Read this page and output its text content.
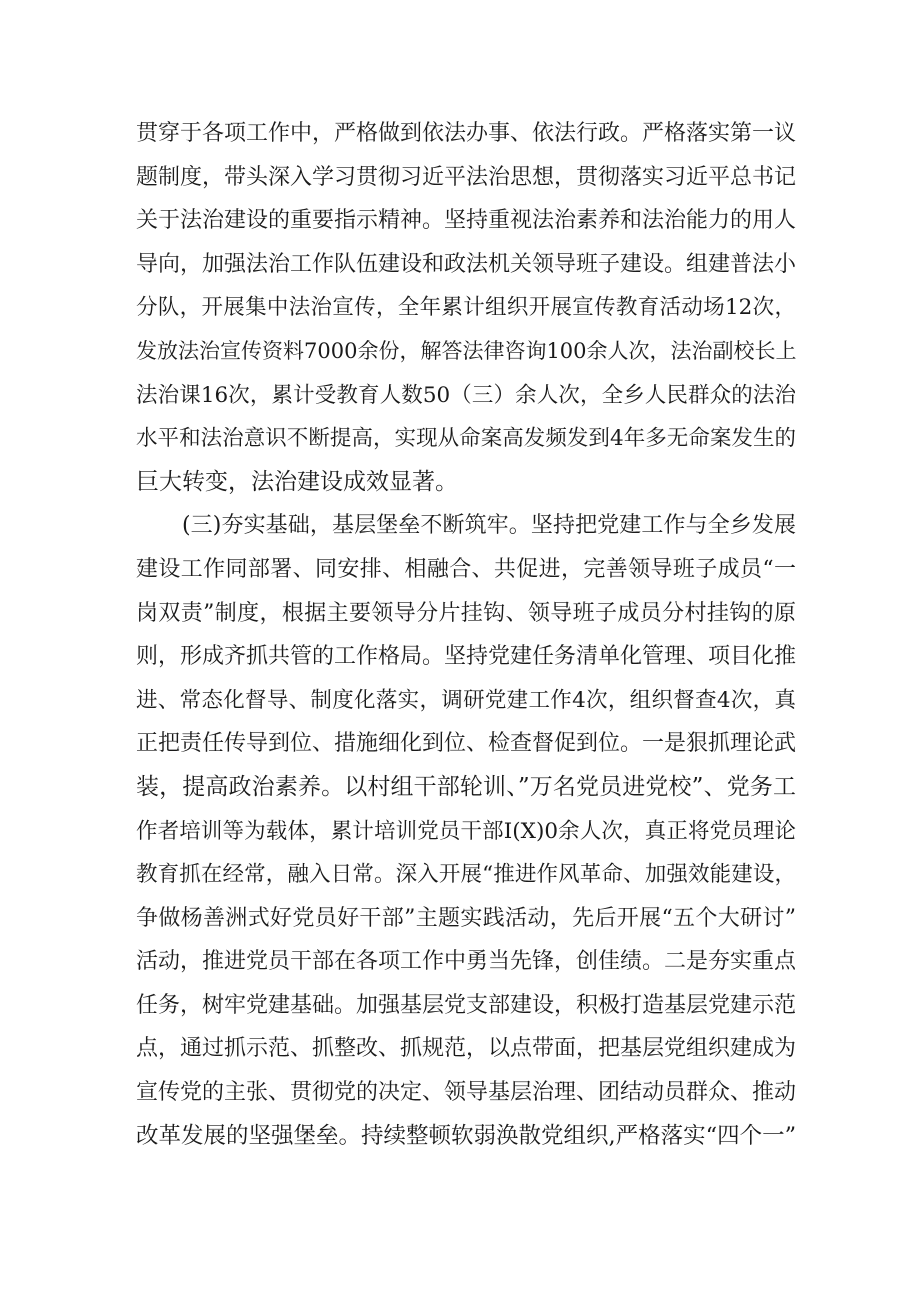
贯穿于各项工作中，严格做到依法办事、依法行政。严格落实第一议
题制度，带头深入学习贯彻习近平法治思想，贯彻落实习近平总书记
关于法治建设的重要指示精神。坚持重视法治素养和法治能力的用人
导向，加强法治工作队伍建设和政法机关领导班子建设。组建普法小
分队，开展集中法治宣传，全年累计组织开展宣传教育活动场12次，
发放法治宣传资料7000余份，解答法律咨询100余人次，法治副校长上
法治课16次，累计受教育人数50（三）余人次，全乡人民群众的法治
水平和法治意识不断提高，实现从命案高发频发到4年多无命案发生的
巨大转变，法治建设成效显著。
(三)夯实基础，基层堡垒不断筑牢。坚持把党建工作与全乡发展
建设工作同部署、同安排、相融合、共促进，完善领导班子成员“一
岗双责”制度，根据主要领导分片挂钩、领导班子成员分村挂钩的原
则，形成齐抓共管的工作格局。坚持党建任务清单化管理、项目化推
进、常态化督导、制度化落实，调研党建工作4次，组织督查4次，真
正把责任传导到位、措施细化到位、检查督促到位。一是狠抓理论武
装，提高政治素养。以村组干部轮训、”万名党员进党校”、党务工
作者培训等为载体，累计培训党员干部I(X)0余人次，真正将党员理论
教育抓在经常，融入日常。深入开展“推进作风革命、加强效能建设，
争做杨善洲式好党员好干部”主题实践活动，先后开展“五个大研讨”
活动，推进党员干部在各项工作中勇当先锋，创佳绩。二是夯实重点
任务，树牢党建基础。加强基层党支部建设，积极打造基层党建示范
点，通过抓示范、抓整改、抓规范，以点带面，把基层党组织建成为
宣传党的主张、贯彻党的决定、领导基层治理、团结动员群众、推动
改革发展的坚强堡垒。持续整顿软弱涣散党组织,严格落实“四个一”
